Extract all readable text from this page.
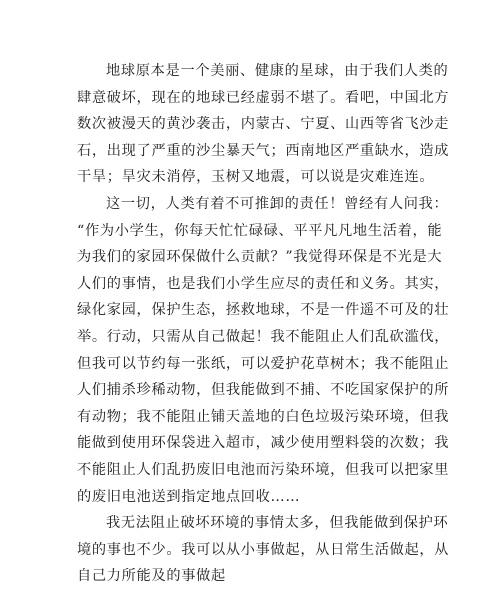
地球原本是一个美丽、健康的星球，由于我们人类的
肆意破坏，现在的地球已经虚弱不堪了。看吧，中国北方
数次被漫天的黄沙袭击，内蒙古、宁夏、山西等省飞沙走
石，出现了严重的沙尘暴天气；西南地区严重缺水，造成
干旱；旱灾未消停，玉树又地震，可以说是灾难连连。
这一切，人类有着不可推卸的责任！曾经有人问我：
“作为小学生，你每天忙忙碌碌、平平凡凡地生活着，能
为我们的家园环保做什么贡献？”我觉得环保是不光是大
人们的事情，也是我们小学生应尽的责任和义务。其实，
绿化家园，保护生态，拯救地球，不是一件遥不可及的壮
举。行动，只需从自己做起！我不能阻止人们乱砍滥伐，
但我可以节约每一张纸，可以爱护花草树木；我不能阻止
人们捕杀珍稀动物，但我能做到不捕、不吃国家保护的所
有动物；我不能阻止铺天盖地的白色垃圾污染环境，但我
能做到使用环保袋进入超市，减少使用塑料袋的次数；我
不能阻止人们乱扔废旧电池而污染环境，但我可以把家里
的废旧电池送到指定地点回收……
我无法阻止破坏环境的事情太多，但我能做到保护环
境的事也不少。我可以从小事做起，从日常生活做起，从
自己力所能及的事做起
